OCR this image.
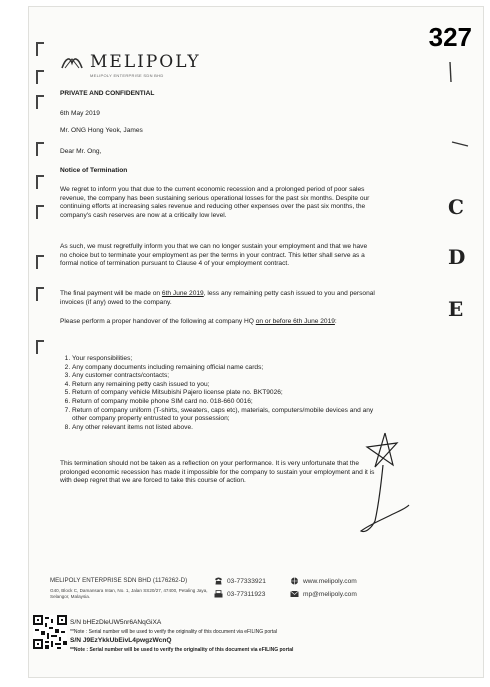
327
MELIPOLY
MELIPOLY ENTERPRISE SDN BHD
PRIVATE AND CONFIDENTIAL
6th May 2019
Mr. ONG Hong Yeok, James
Dear Mr. Ong,
Notice of Termination
We regret to inform you that due to the current economic recession and a prolonged period of poor sales revenue, the company has been sustaining serious operational losses for the past six months. Despite our continuing efforts at increasing sales revenue and reducing other expenses over the past six months, the company's cash reserves are now at a critically low level.
As such, we must regretfully inform you that we can no longer sustain your employment and that we have no choice but to terminate your employment as per the terms in your contract. This letter shall serve as a formal notice of termination pursuant to Clause 4 of your employment contract.
The final payment will be made on 6th June 2019, less any remaining petty cash issued to you and personal invoices (if any) owed to the company.
Please perform a proper handover of the following at company HQ on or before 6th June 2019:
1. Your responsibilities;
2. Any company documents including remaining official name cards;
3. Any customer contracts/contacts;
4. Return any remaining petty cash issued to you;
5. Return of company vehicle Mitsubishi Pajero license plate no. BKT9026;
6. Return of company mobile phone SIM card no. 018-660 0016;
7. Return of company uniform (T-shirts, sweaters, caps etc), materials, computers/mobile devices and any other company property entrusted to your possession;
8. Any other relevant items not listed above.
This termination should not be taken as a reflection on your performance. It is very unfortunate that the prolonged economic recession has made it impossible for the company to sustain your employment and it is with deep regret that we are forced to take this course of action.
C
D
E
MELIPOLY ENTERPRISE SDN BHD (1176262-D)
G40, Block C, Damansara Intan, No. 1, Jalan SS20/27, 47400, Petaling Jaya, Selangor, Malaysia.
03-77333921
03-77311923
www.melipoly.com
mp@melipoly.com
S/N bHEzDleUW5nr6ANqGiXA
**Note : Serial number will be used to verify the originality of this document via eFILING portal
S/N J9EzYkkUbEivL4pwgzWcnQ
**Note : Serial number will be used to verify the originality of this document via eFILING portal
